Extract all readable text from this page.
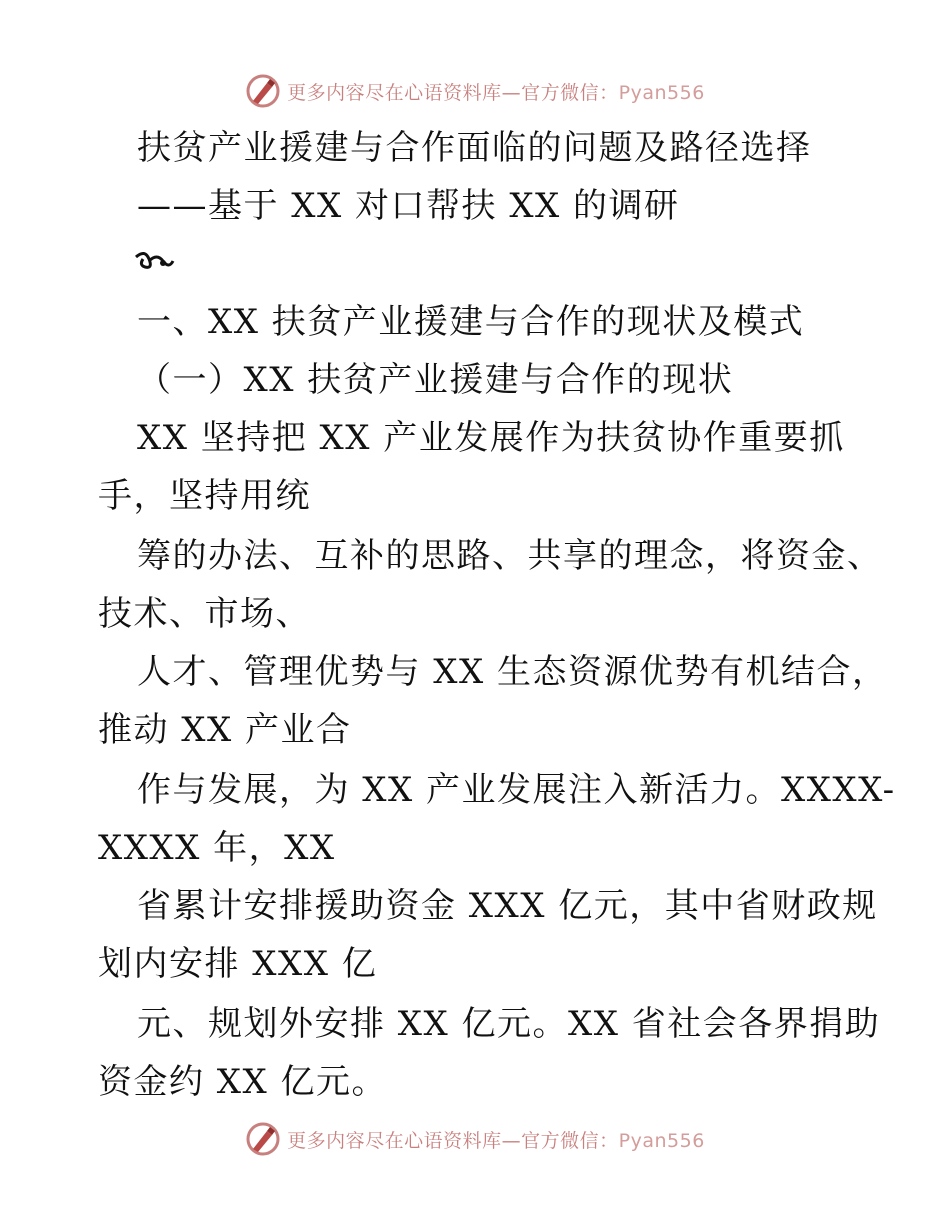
更多内容尽在心语资料库—官方微信：Pyan556
扶贫产业援建与合作面临的问题及路径选择
——基于 XX 对口帮扶 XX 的调研
一、XX 扶贫产业援建与合作的现状及模式
（一）XX 扶贫产业援建与合作的现状
XX 坚持把 XX 产业发展作为扶贫协作重要抓
手，坚持用统
筹的办法、互补的思路、共享的理念，将资金、
技术、市场、
人才、管理优势与 XX 生态资源优势有机结合，
推动 XX 产业合
作与发展，为 XX 产业发展注入新活力。XXXX-
XXXX 年，XX
省累计安排援助资金 XXX 亿元，其中省财政规
划内安排 XXX 亿
元、规划外安排 XX 亿元。XX 省社会各界捐助
资金约 XX 亿元。
更多内容尽在心语资料库—官方微信：Pyan556
